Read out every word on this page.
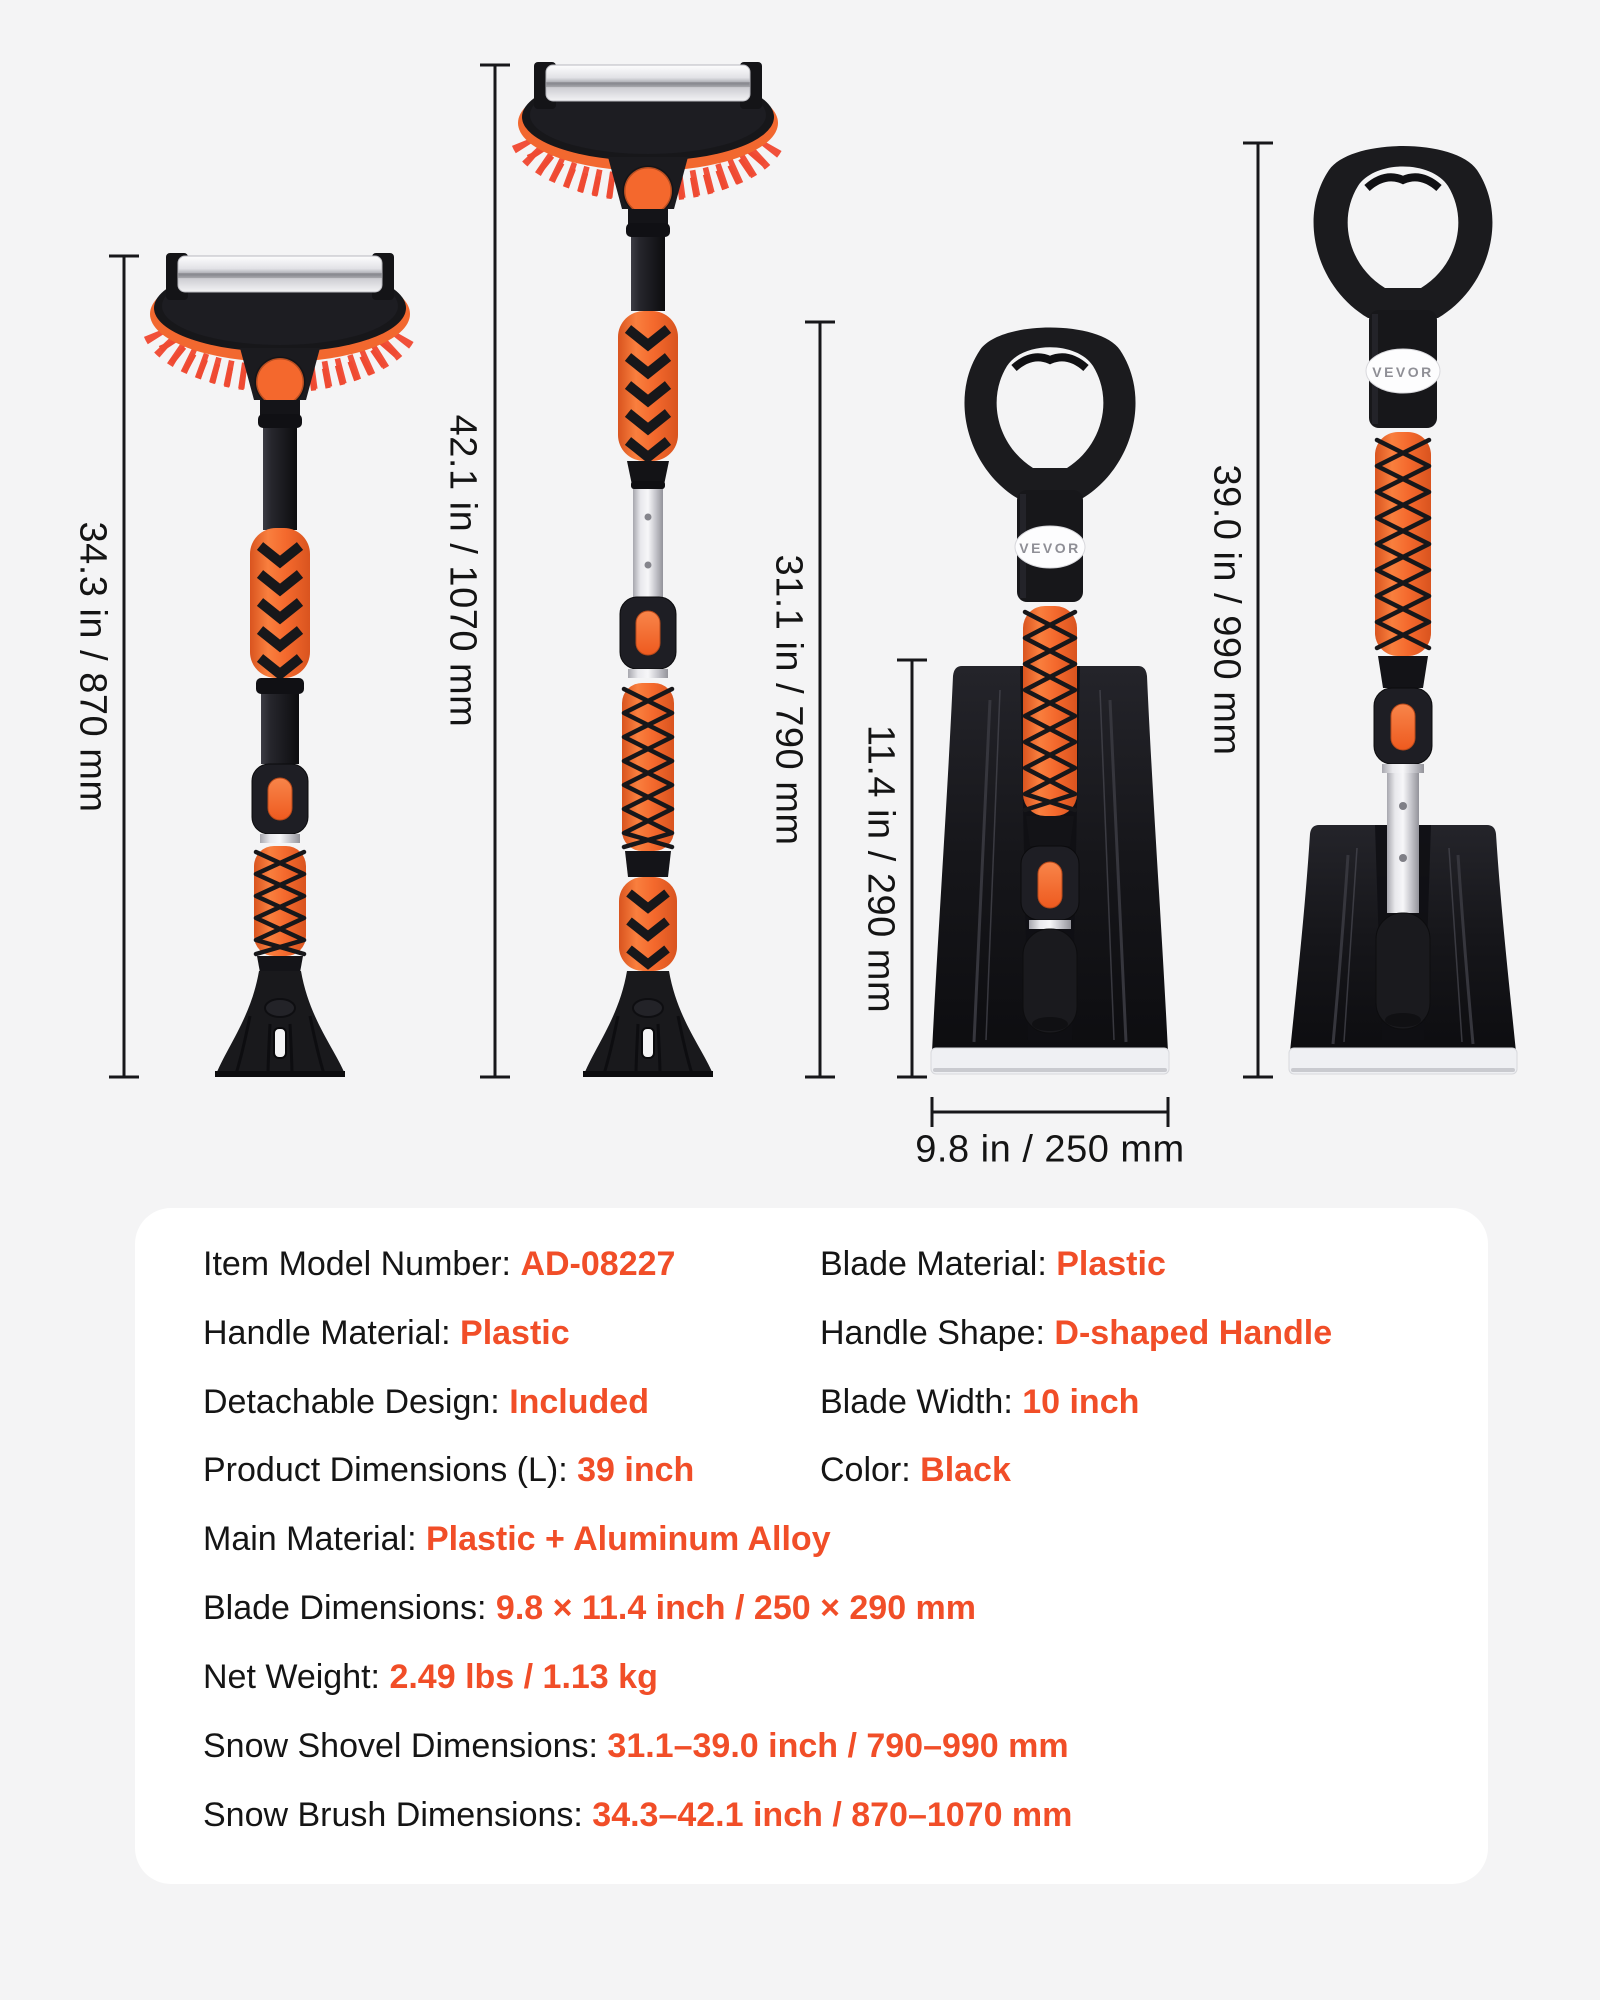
VEVOR
VEVOR
34.3 in / 870 mm	42.1 in / 1070 mm	31.1 in / 790 mm
11.4 in / 290 mm
39.0 in / 990 mm
9.8 in / 250 mm
Item Model Number: AD-08227	Blade Material: Plastic
Handle Material: Plastic	Handle Shape: D-shaped Handle
Detachable Design: Included	Blade Width: 10 inch
Product Dimensions (L): 39 inch	Color: Black
Main Material: Plastic + Aluminum Alloy
Blade Dimensions: 9.8 × 11.4 inch / 250 × 290 mm
Net Weight: 2.49 lbs / 1.13 kg
Snow Shovel Dimensions: 31.1–39.0 inch / 790–990 mm
Snow Brush Dimensions: 34.3–42.1 inch / 870–1070 mm
